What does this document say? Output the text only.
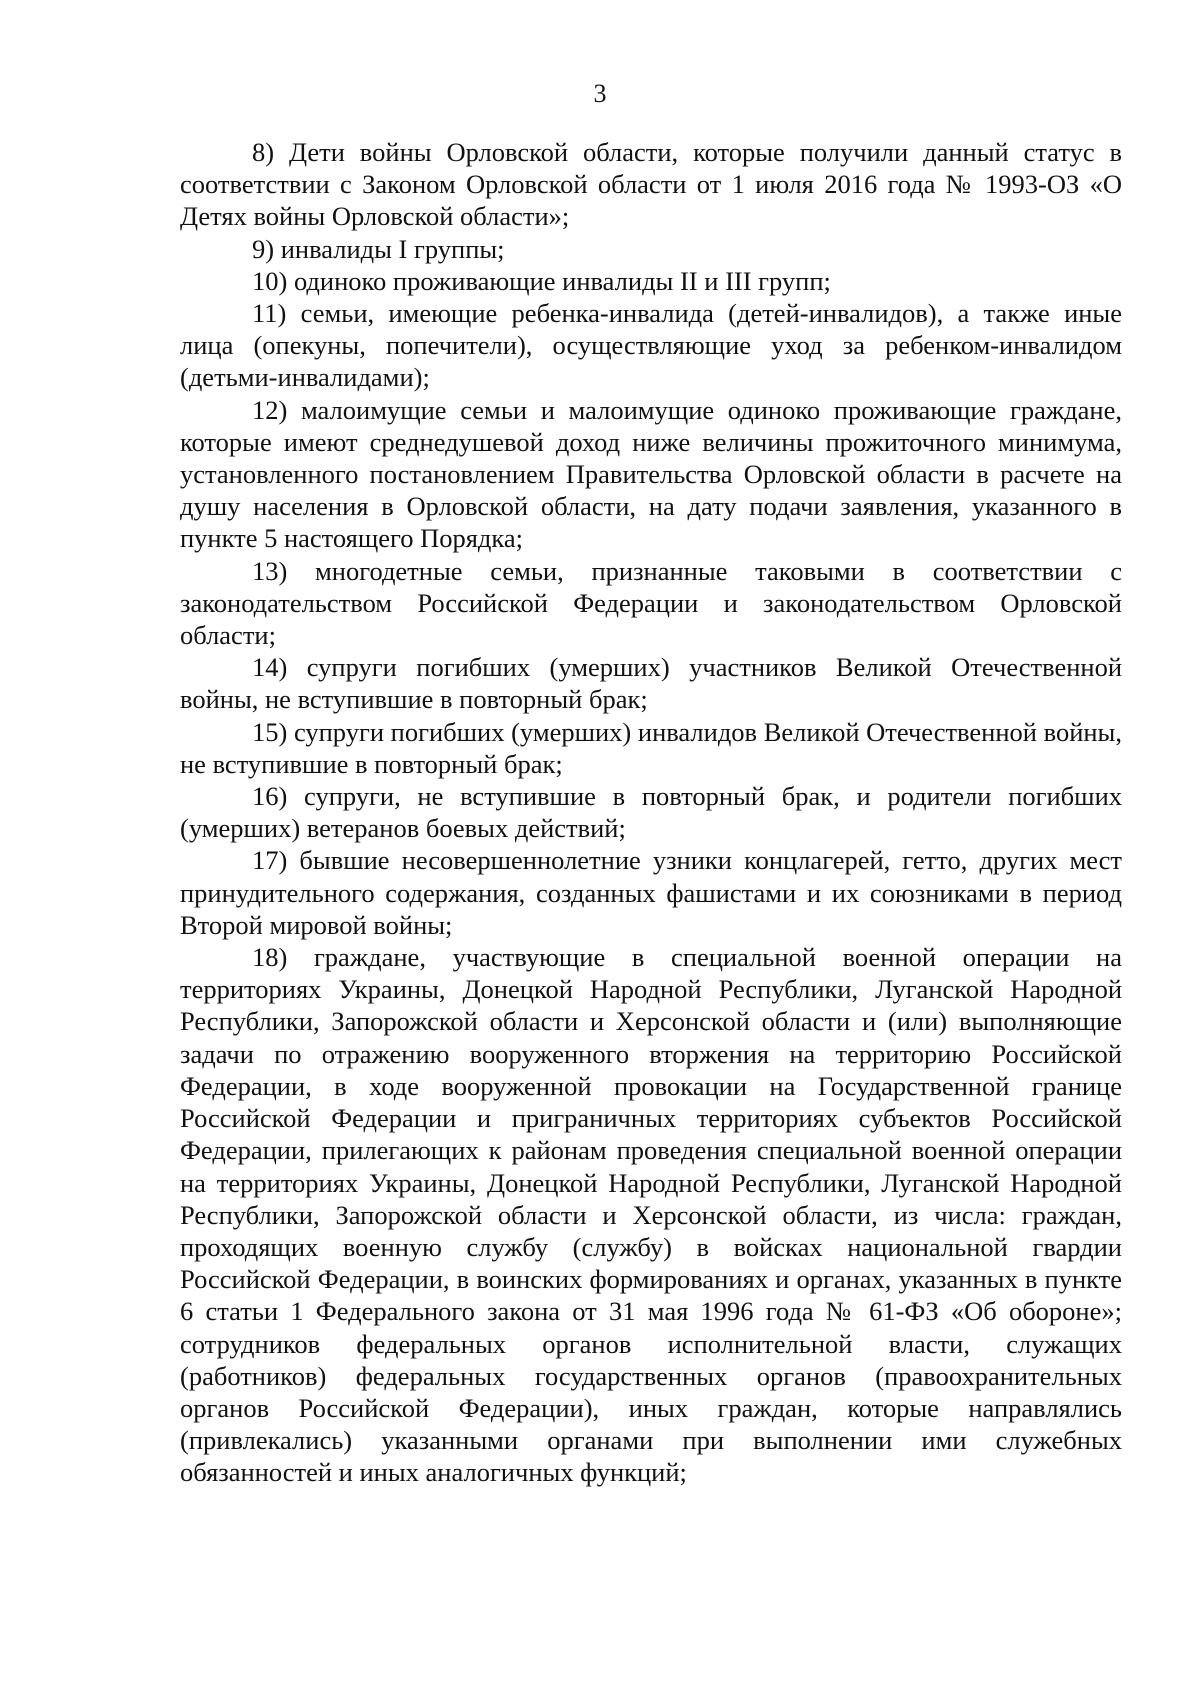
3

8) Дети войны Орловской области, которые получили данный статус в соответствии с Законом Орловской области от 1 июля 2016 года № 1993-ОЗ «О Детях войны Орловской области»;

9) инвалиды I группы;

10) одиноко проживающие инвалиды II и III групп;

11) семьи, имеющие ребенка-инвалида (детей-инвалидов), а также иные лица (опекуны, попечители), осуществляющие уход за ребенком-инвалидом (детьми-инвалидами);

12) малоимущие семьи и малоимущие одиноко проживающие граждане, которые имеют среднедушевой доход ниже величины прожиточного минимума, установленного постановлением Правительства Орловской области в расчете на душу населения в Орловской области, на дату подачи заявления, указанного в пункте 5 настоящего Порядка;

13) многодетные семьи, признанные таковыми в соответствии с законодательством Российской Федерации и законодательством Орловской области;

14) супруги погибших (умерших) участников Великой Отечественной войны, не вступившие в повторный брак;

15) супруги погибших (умерших) инвалидов Великой Отечественной войны, не вступившие в повторный брак;

16) супруги, не вступившие в повторный брак, и родители погибших (умерших) ветеранов боевых действий;

17) бывшие несовершеннолетние узники концлагерей, гетто, других мест принудительного содержания, созданных фашистами и их союзниками в период Второй мировой войны;

18) граждане, участвующие в специальной военной операции на территориях Украины, Донецкой Народной Республики, Луганской Народной Республики, Запорожской области и Херсонской области и (или) выполняющие задачи по отражению вооруженного вторжения на территорию Российской Федерации, в ходе вооруженной провокации на Государственной границе Российской Федерации и приграничных территориях субъектов Российской Федерации, прилегающих к районам проведения специальной военной операции на территориях Украины, Донецкой Народной Республики, Луганской Народной Республики, Запорожской области и Херсонской области, из числа: граждан, проходящих военную службу (службу) в войсках национальной гвардии Российской Федерации, в воинских формированиях и органах, указанных в пункте 6 статьи 1 Федерального закона от 31 мая 1996 года № 61-ФЗ «Об обороне»; сотрудников федеральных органов исполнительной власти, служащих (работников) федеральных государственных органов (правоохранительных органов Российской Федерации), иных граждан, которые направлялись (привлекались) указанными органами при выполнении ими служебных обязанностей и иных аналогичных функций;
